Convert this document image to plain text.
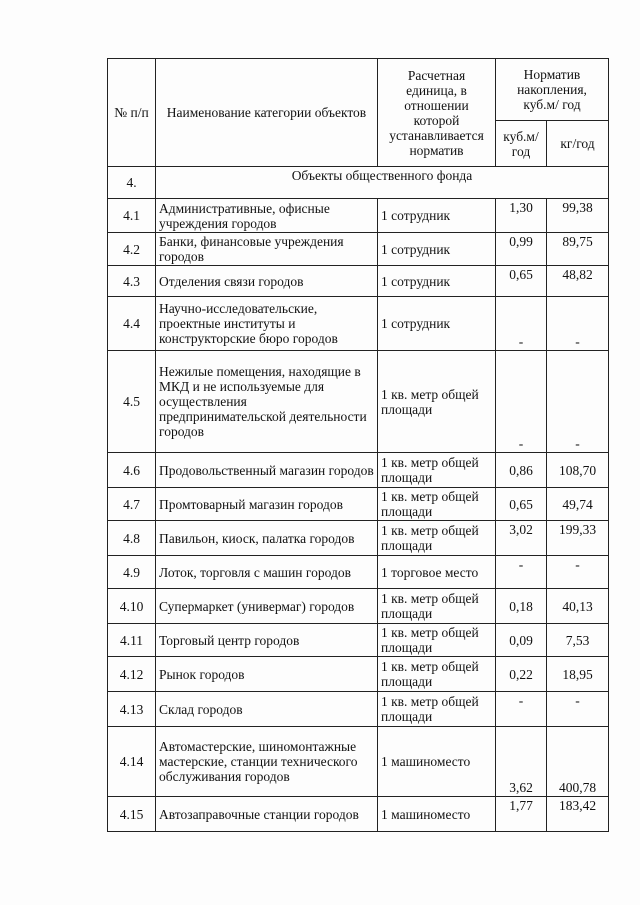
№ п/п	Наименование категории объектов	Расчетная единица, в отношении которой устанавливается норматив	Норматив накопления, куб.м/ год	
			куб.м/год	кг/год
4.	Объекты общественного фонда			
4.1	Административные, офисные учреждения городов	1 сотрудник	1,30	99,38
4.2	Банки, финансовые учреждения городов	1 сотрудник	0,99	89,75
4.3	Отделения связи городов	1 сотрудник	0,65	48,82
4.4	Научно-исследовательские, проектные институты и конструкторские бюро городов	1 сотрудник	-	-
4.5	Нежилые помещения, находящие в МКД и не используемые для осуществления предпринимательской деятельности городов	1 кв. метр общей площади	-	-
4.6	Продовольственный магазин городов	1 кв. метр общей площади	0,86	108,70
4.7	Промтоварный магазин городов	1 кв. метр общей площади	0,65	49,74
4.8	Павильон, киоск, палатка городов	1 кв. метр общей площади	3,02	199,33
4.9	Лоток, торговля с машин городов	1 торговое место	-	-
4.10	Супермаркет (универмаг) городов	1 кв. метр общей площади	0,18	40,13
4.11	Торговый центр городов	1 кв. метр общей площади	0,09	7,53
4.12	Рынок городов	1 кв. метр общей площади	0,22	18,95
4.13	Склад городов	1 кв. метр общей площади	-	-
4.14	Автомастерские, шиномонтажные мастерские, станции технического обслуживания городов	1 машиноместо	3,62	400,78
4.15	Автозаправочные станции городов	1 машиноместо	1,77	183,42
